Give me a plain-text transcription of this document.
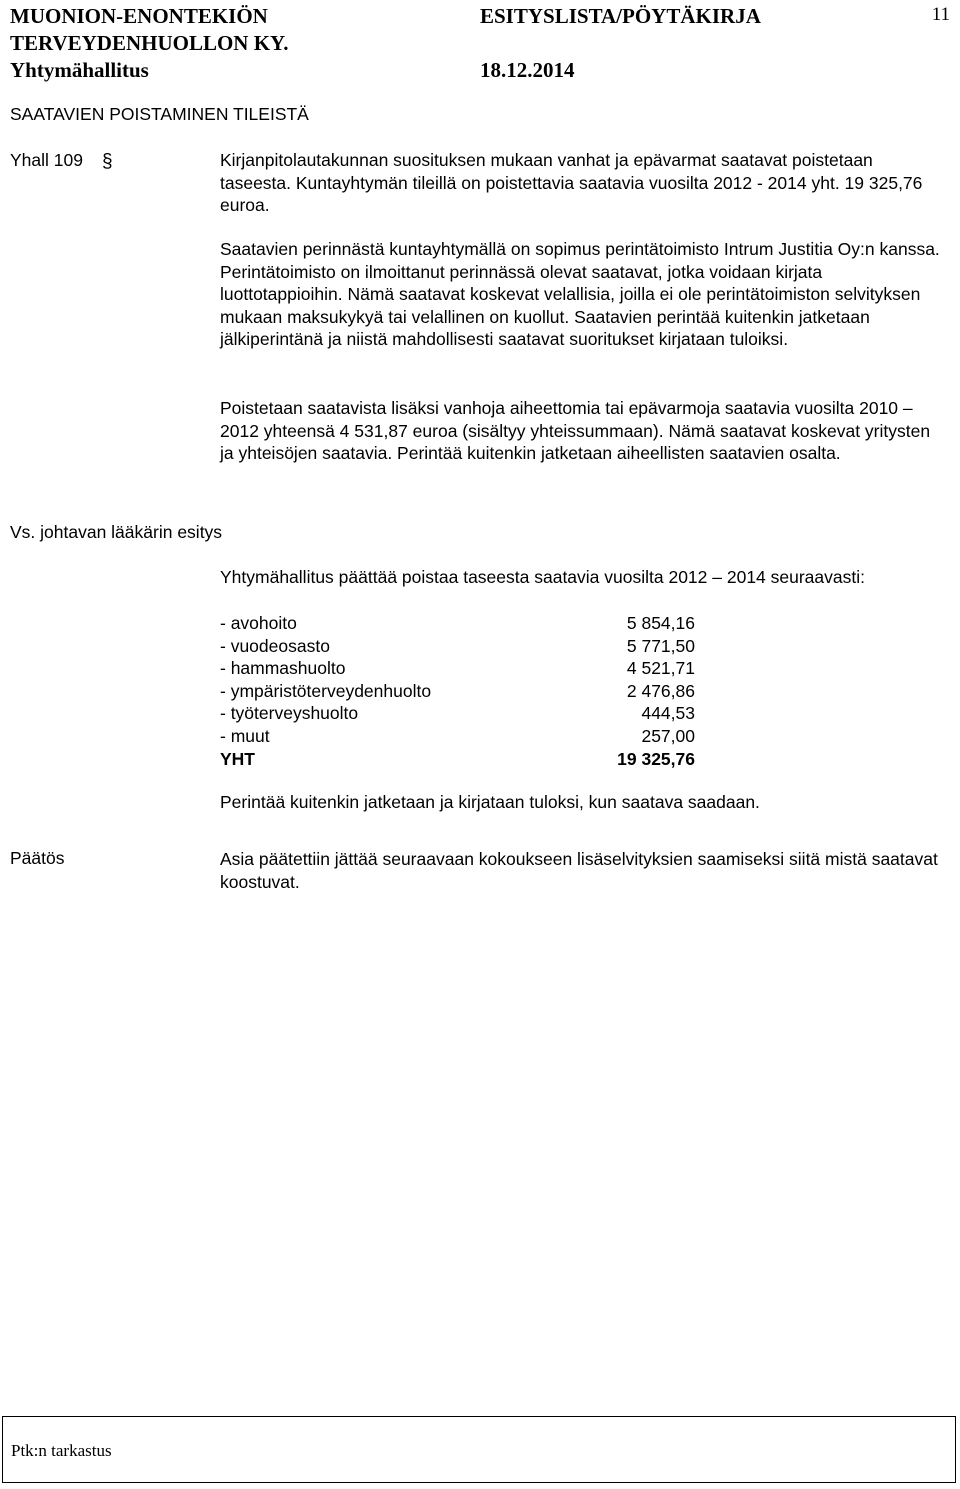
MUONION-ENONTEKIÖN
TERVEYDENHUOLLON KY.
Yhtymähallitus
ESITYSLISTA/PÖYTÄKIRJA
18.12.2014
11
SAATAVIEN POISTAMINEN TILEISTÄ
Yhall 109 §	Kirjanpitolautakunnan suosituksen mukaan vanhat ja epävarmat saatavat poistetaan taseesta. Kuntayhtymän tileillä on poistettavia saatavia vuosilta 2012 - 2014 yht. 19 325,76 euroa.

Saatavien perinnästä kuntayhtymällä on sopimus perintätoimisto Intrum Justitia Oy:n kanssa. Perintätoimisto on ilmoittanut perinnässä olevat saatavat, jotka voidaan kirjata luottotappioihin. Nämä saatavat koskevat velallisia, joilla ei ole perintätoimiston selvityksen mukaan maksukykyä tai velallinen on kuollut. Saatavien perintää kuitenkin jatketaan jälkiperintänä ja niistä mahdollisesti saatavat suoritukset kirjataan tuloiksi.

Poistetaan saatavista lisäksi vanhoja aiheettomia tai epävarmoja saatavia vuosilta 2010 – 2012 yhteensä 4 531,87 euroa (sisältyy yhteissummaan). Nämä saatavat koskevat yritysten ja yhteisöjen saatavia. Perintää kuitenkin jatketaan aiheellisten saatavien osalta.

Vs. johtavan lääkärin esitys

Yhtymähallitus päättää poistaa taseesta saatavia vuosilta 2012 – 2014 seuraavasti:

- avohoito	5 854,16
- vuodeosasto	5 771,50
- hammashuolto	4 521,71
- ympäristöterveydenhuolto	2 476,86
- työterveyshuolto	444,53
- muut	257,00
YHT	19 325,76

Perintää kuitenkin jatketaan ja kirjataan tuloksi, kun saatava saadaan.

Päätös	Asia päätettiin jättää seuraavaan kokoukseen lisäselvityksien saamiseksi siitä mistä saatavat koostuvat.

Ptk:n tarkastus
